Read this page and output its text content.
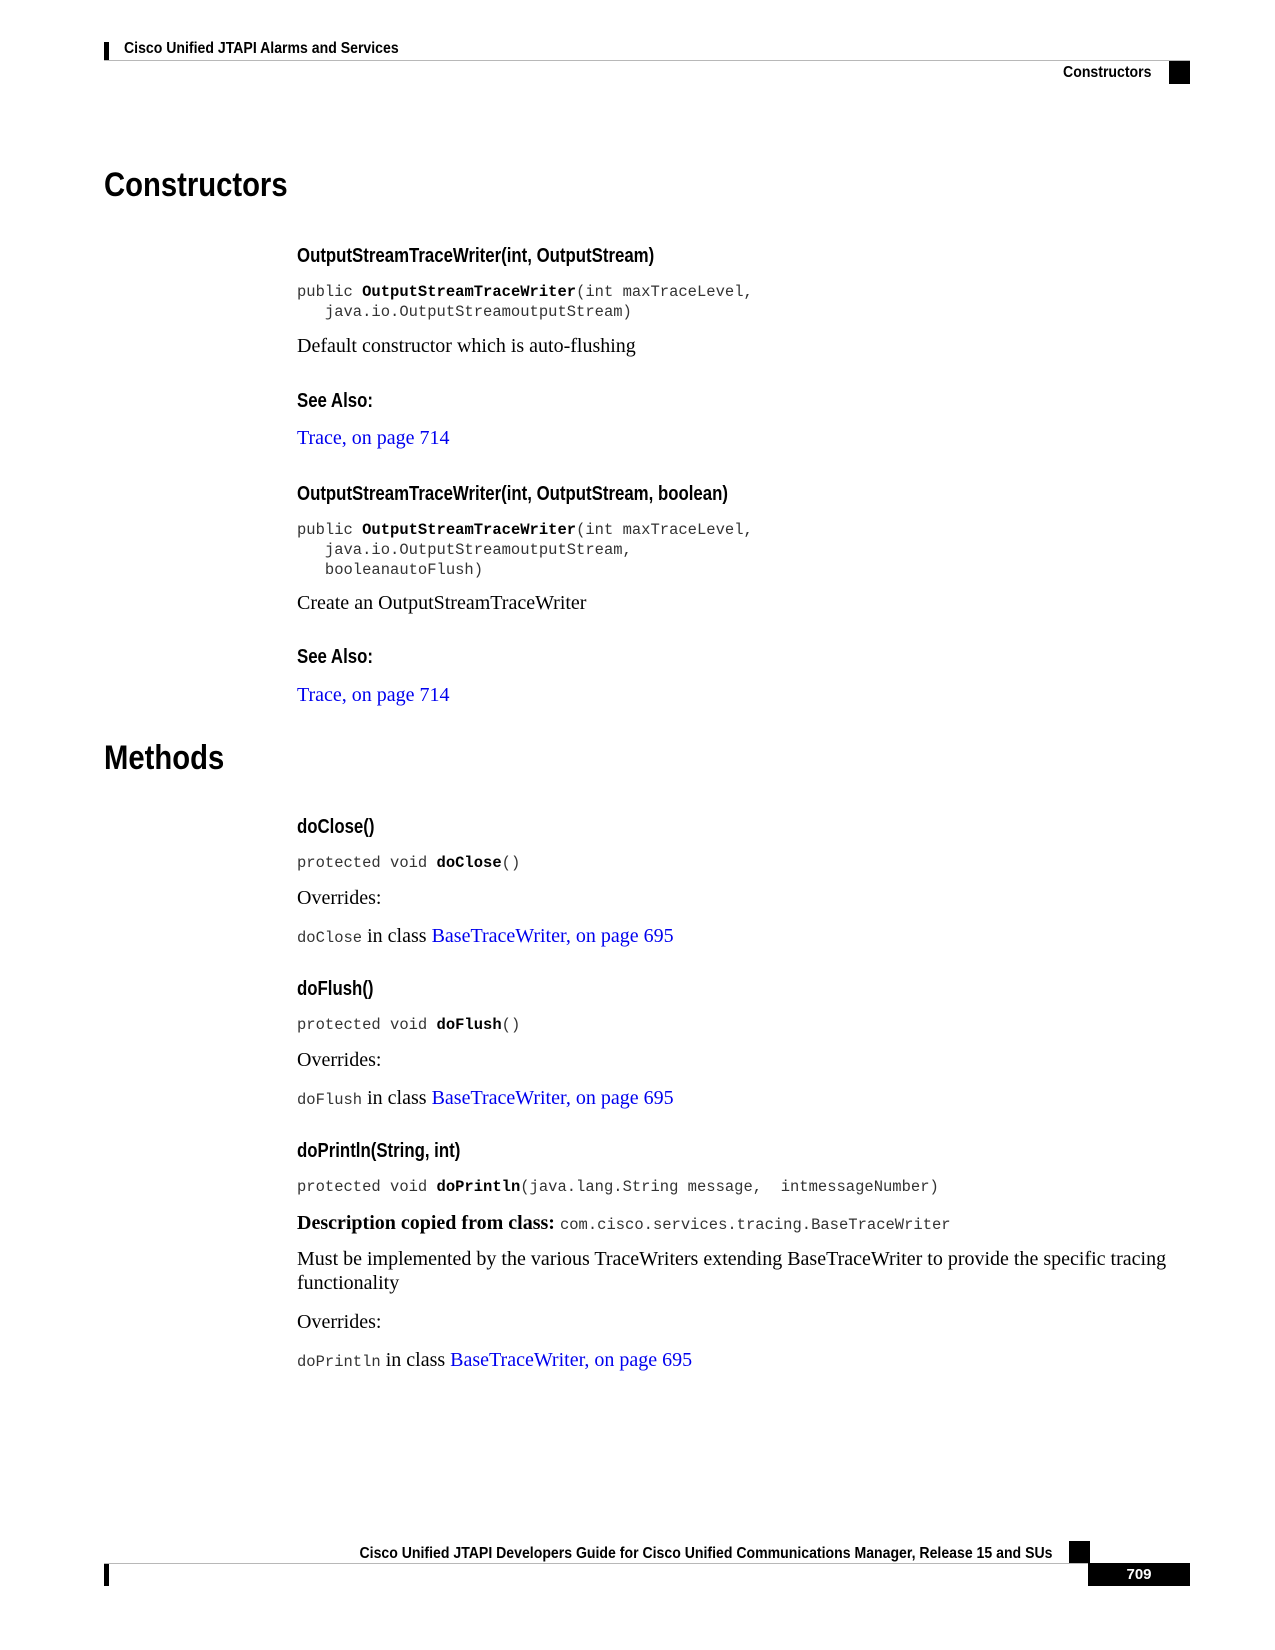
Cisco Unified JTAPI Alarms and Services
Constructors
Constructors
OutputStreamTraceWriter(int, OutputStream)
public OutputStreamTraceWriter(int maxTraceLevel,
java.io.OutputStreamoutputStream)

Default constructor which is auto-flushing

See Also:

Trace, on page 714

OutputStreamTraceWriter(int, OutputStream, boolean)
public OutputStreamTraceWriter(int maxTraceLevel,
java.io.OutputStreamoutputStream,
booleanautoFlush)

Create an OutputStreamTraceWriter

See Also:

Trace, on page 714

Methods
doClose()
protected void doClose()

Overrides:

doClose in class BaseTraceWriter, on page 695

doFlush()
protected void doFlush()

Overrides:

doFlush in class BaseTraceWriter, on page 695

doPrintln(String, int)
protected void doPrintln(java.lang.String message,  intmessageNumber)

Description copied from class: com.cisco.services.tracing.BaseTraceWriter

Must be implemented by the various TraceWriters extending BaseTraceWriter to provide the specific tracing functionality

Overrides:

doPrintln in class BaseTraceWriter, on page 695

Cisco Unified JTAPI Developers Guide for Cisco Unified Communications Manager, Release 15 and SUs
709
